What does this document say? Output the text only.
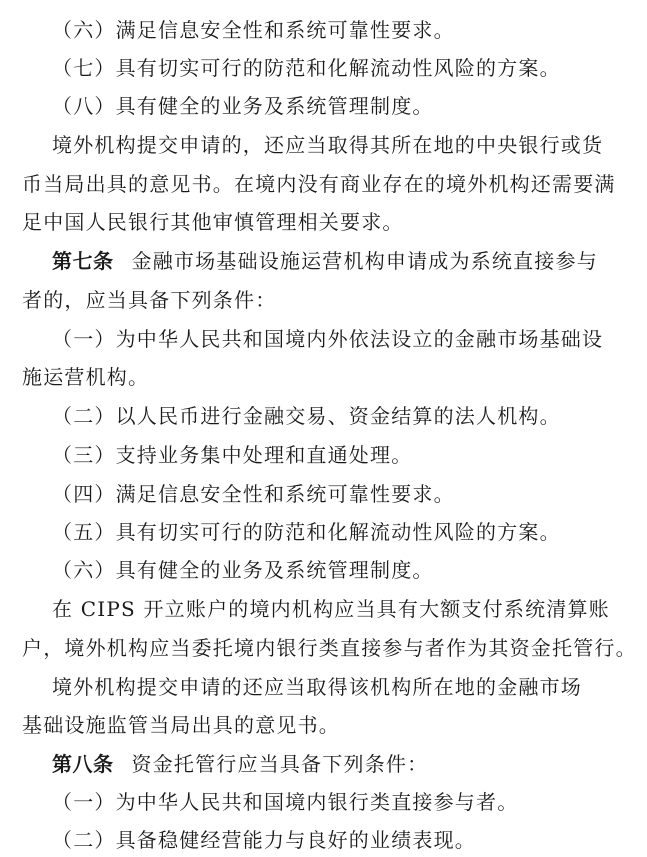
（六）满足信息安全性和系统可靠性要求。
（七）具有切实可行的防范和化解流动性风险的方案。
（八）具有健全的业务及系统管理制度。
境外机构提交申请的，还应当取得其所在地的中央银行或货
币当局出具的意见书。在境内没有商业存在的境外机构还需要满
足中国人民银行其他审慎管理相关要求。
第七条 金融市场基础设施运营机构申请成为系统直接参与
者的，应当具备下列条件：
（一）为中华人民共和国境内外依法设立的金融市场基础设
施运营机构。
（二）以人民币进行金融交易、资金结算的法人机构。
（三）支持业务集中处理和直通处理。
（四）满足信息安全性和系统可靠性要求。
（五）具有切实可行的防范和化解流动性风险的方案。
（六）具有健全的业务及系统管理制度。
在 CIPS 开立账户的境内机构应当具有大额支付系统清算账
户，境外机构应当委托境内银行类直接参与者作为其资金托管行。
境外机构提交申请的还应当取得该机构所在地的金融市场
基础设施监管当局出具的意见书。
第八条 资金托管行应当具备下列条件：
（一）为中华人民共和国境内银行类直接参与者。
（二）具备稳健经营能力与良好的业绩表现。
